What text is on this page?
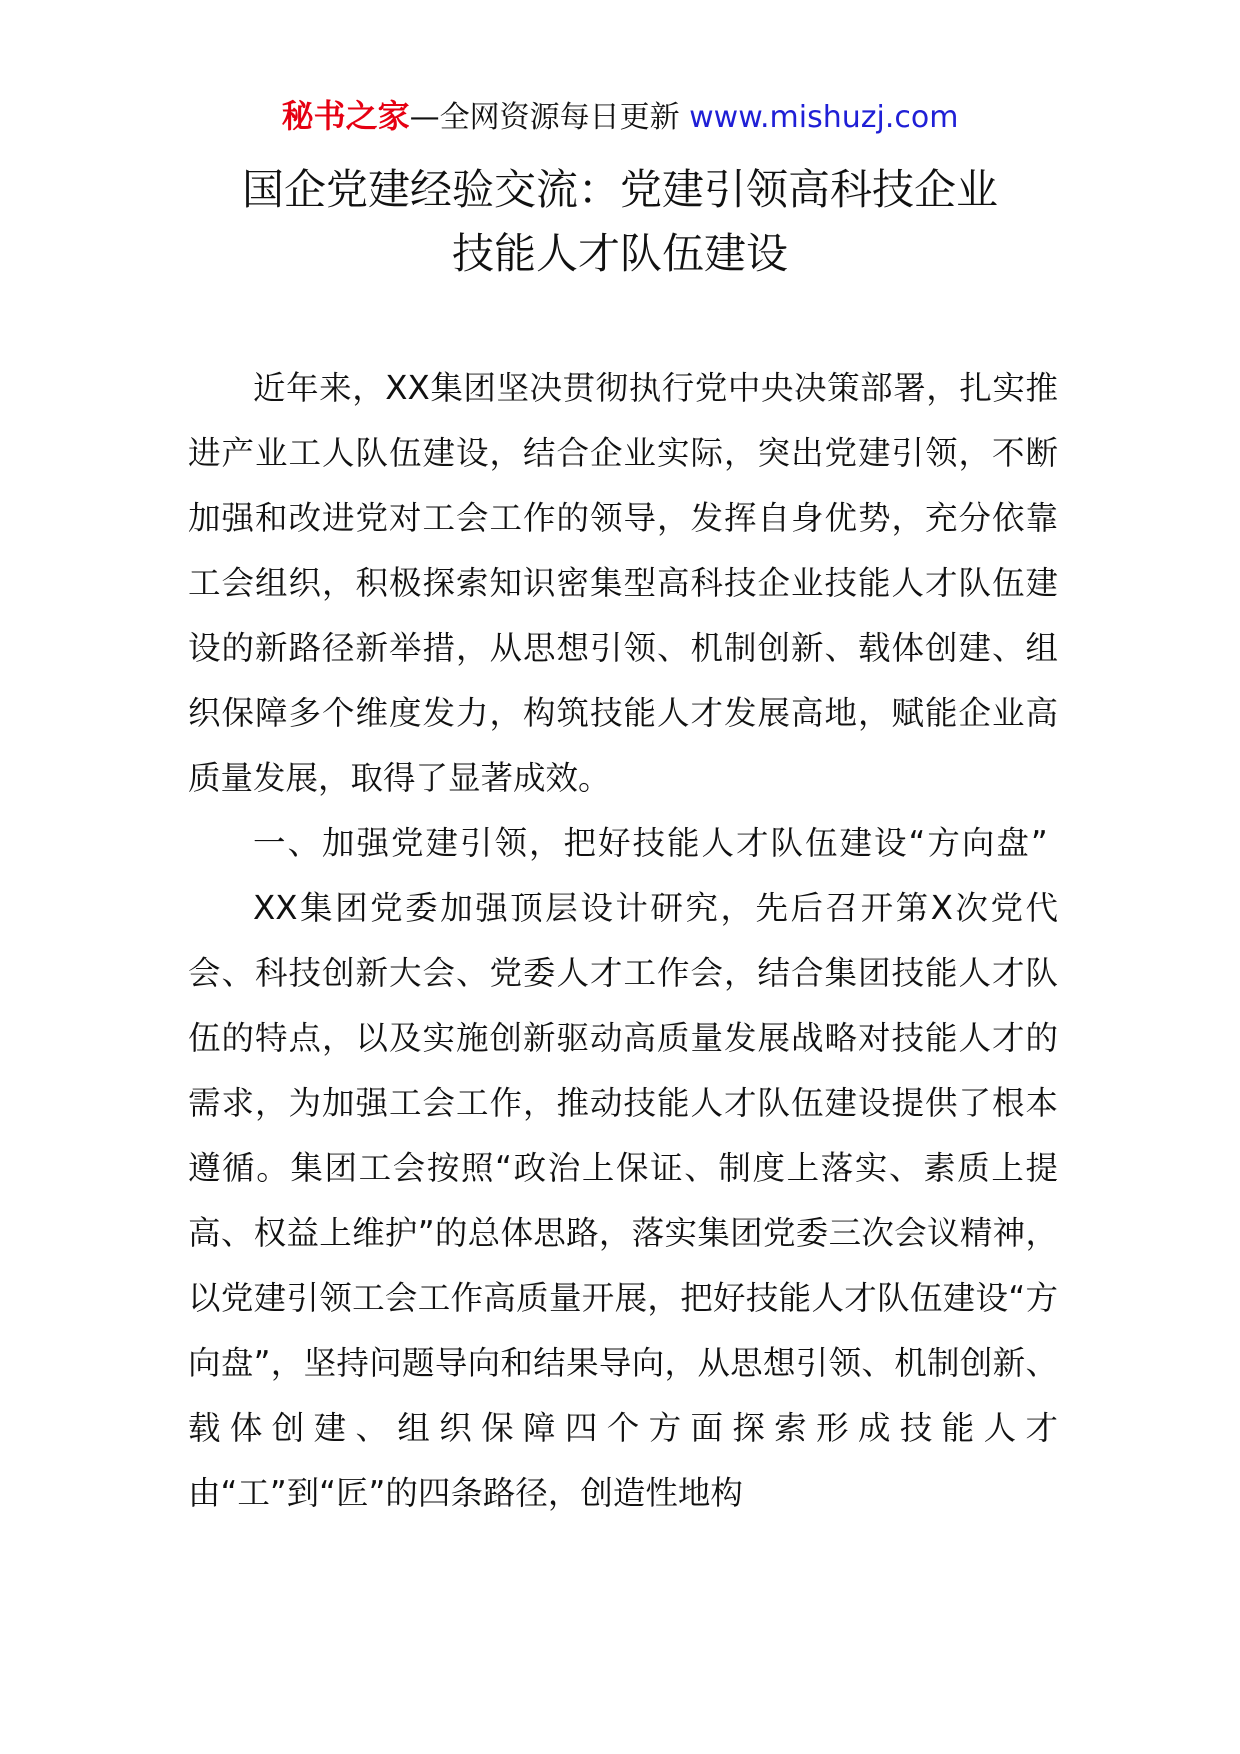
秘书之家—全网资源每日更新 www.mishuzj.com
国企党建经验交流：党建引领高科技企业
技能人才队伍建设

近年来，XX集团坚决贯彻执行党中央决策部署，扎实推进产业工人队伍建设，结合企业实际，突出党建引领，不断加强和改进党对工会工作的领导，发挥自身优势，充分依靠工会组织，积极探索知识密集型高科技企业技能人才队伍建设的新路径新举措，从思想引领、机制创新、载体创建、组织保障多个维度发力，构筑技能人才发展高地，赋能企业高质量发展，取得了显著成效。

一、加强党建引领，把好技能人才队伍建设“方向盘”

XX集团党委加强顶层设计研究，先后召开第X次党代会、科技创新大会、党委人才工作会，结合集团技能人才队伍的特点，以及实施创新驱动高质量发展战略对技能人才的需求，为加强工会工作，推动技能人才队伍建设提供了根本遵循。集团工会按照“政治上保证、制度上落实、素质上提高、权益上维护”的总体思路，落实集团党委三次会议精神，以党建引领工会工作高质量开展，把好技能人才队伍建设“方向盘”，坚持问题导向和结果导向，从思想引领、机制创新、载体创建、组织保障四个方面探索形成技能人才由“工”到“匠”的四条路径，创造性地构
